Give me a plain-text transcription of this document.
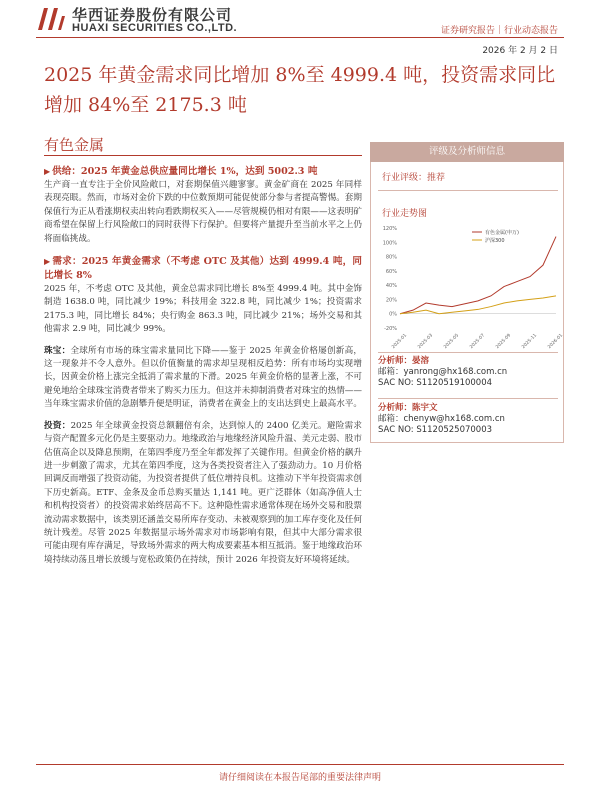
华西证券股份有限公司
HUAXI SECURITIES CO.,LTD.	证券研究报告｜行业动态报告
2026 年 2 月 2 日
2025 年黄金需求同比增加 8%至 4999.4 吨，投资需求同比增加 84%至 2175.3 吨
有色金属

▶ 供给：2025 年黄金总供应量同比增长 1%，达到 5002.3 吨

生产商一直专注于全价风险敞口，对套期保值兴趣寥寥。黄金矿商在 2025 年同样表现亮眼。然而，市场对金价下跌的中位数预期可能促使部分参与者提高警惕。套期保值行为正从看涨期权卖出转向看跌期权买入——尽管规模仍相对有限——这表明矿商希望在保留上行风险敞口的同时获得下行保护。但要将产量提升至当前水平之上仍将面临挑战。

▶ 需求：2025 年黄金需求（不考虑 OTC 及其他）达到 4999.4 吨，同比增长 8%

2025 年，不考虑 OTC 及其他，黄金总需求同比增长 8%至 4999.4 吨。其中金饰制造 1638.0 吨，同比减少 19%；科技用金 322.8 吨，同比减少 1%；投资需求 2175.3 吨，同比增长 84%；央行购金 863.3 吨，同比减少 21%；场外交易和其他需求 2.9 吨，同比减少 99%。

珠宝：全球所有市场的珠宝需求量同比下降——鉴于 2025 年黄金价格屡创新高，这一现象并不令人意外。但以价值衡量的需求却呈现相反趋势：所有市场均实现增长，因黄金价格上涨完全抵消了需求量的下滑。2025 年黄金价格的显著上涨，不可避免地给全球珠宝消费者带来了购买力压力。但这并未抑制消费者对珠宝的热情——当年珠宝需求价值的急剧攀升便是明证，消费者在黄金上的支出达到史上最高水平。

投资：2025 年全球黄金投资总额翻倍有余，达到惊人的 2400 亿美元。避险需求与资产配置多元化仍是主要驱动力。地缘政治与地缘经济风险升温、美元走弱、股市估值高企以及降息预期，在第四季度乃至全年都发挥了关键作用。但黄金价格的飙升进一步刺激了需求，尤其在第四季度，这为各类投资者注入了强劲动力。10 月价格回调反而增强了投资动能，为投资者提供了低位增持良机。这推动下半年投资需求创下历史新高。ETF、金条及金币总购买量达 1,141 吨。更广泛群体（如高净值人士和机构投资者）的投资需求始终居高不下。这种隐性需求通常体现在场外交易和股票流动需求数据中，该类别还涵盖交易所库存变动、未被观察到的加工库存变化及任何统计残差。尽管 2025 年数据显示场外需求对市场影响有限，但其中大部分需求很可能由现有库存满足，导致场外需求的两大构成要素基本相互抵消。鉴于地缘政治环境持续动荡且增长放缓与宽松政策仍在持续，预计 2026 年投资友好环境将延续。

评级及分析师信息
行业评级：推荐
行业走势图
120%
100%
80%
60%
40%
20%
0%
-20%
2025-01 2025-03 2025-05 2025-07 2025-09 2025-11 2026-01
有色金属(申万)
沪深300
分析师：晏溶
邮箱：yanrong@hx168.com.cn
SAC NO: S1120519100004
分析师：陈宇文
邮箱：chenyw@hx168.com.cn
SAC NO: S1120525070003
请仔细阅读在本报告尾部的重要法律声明
